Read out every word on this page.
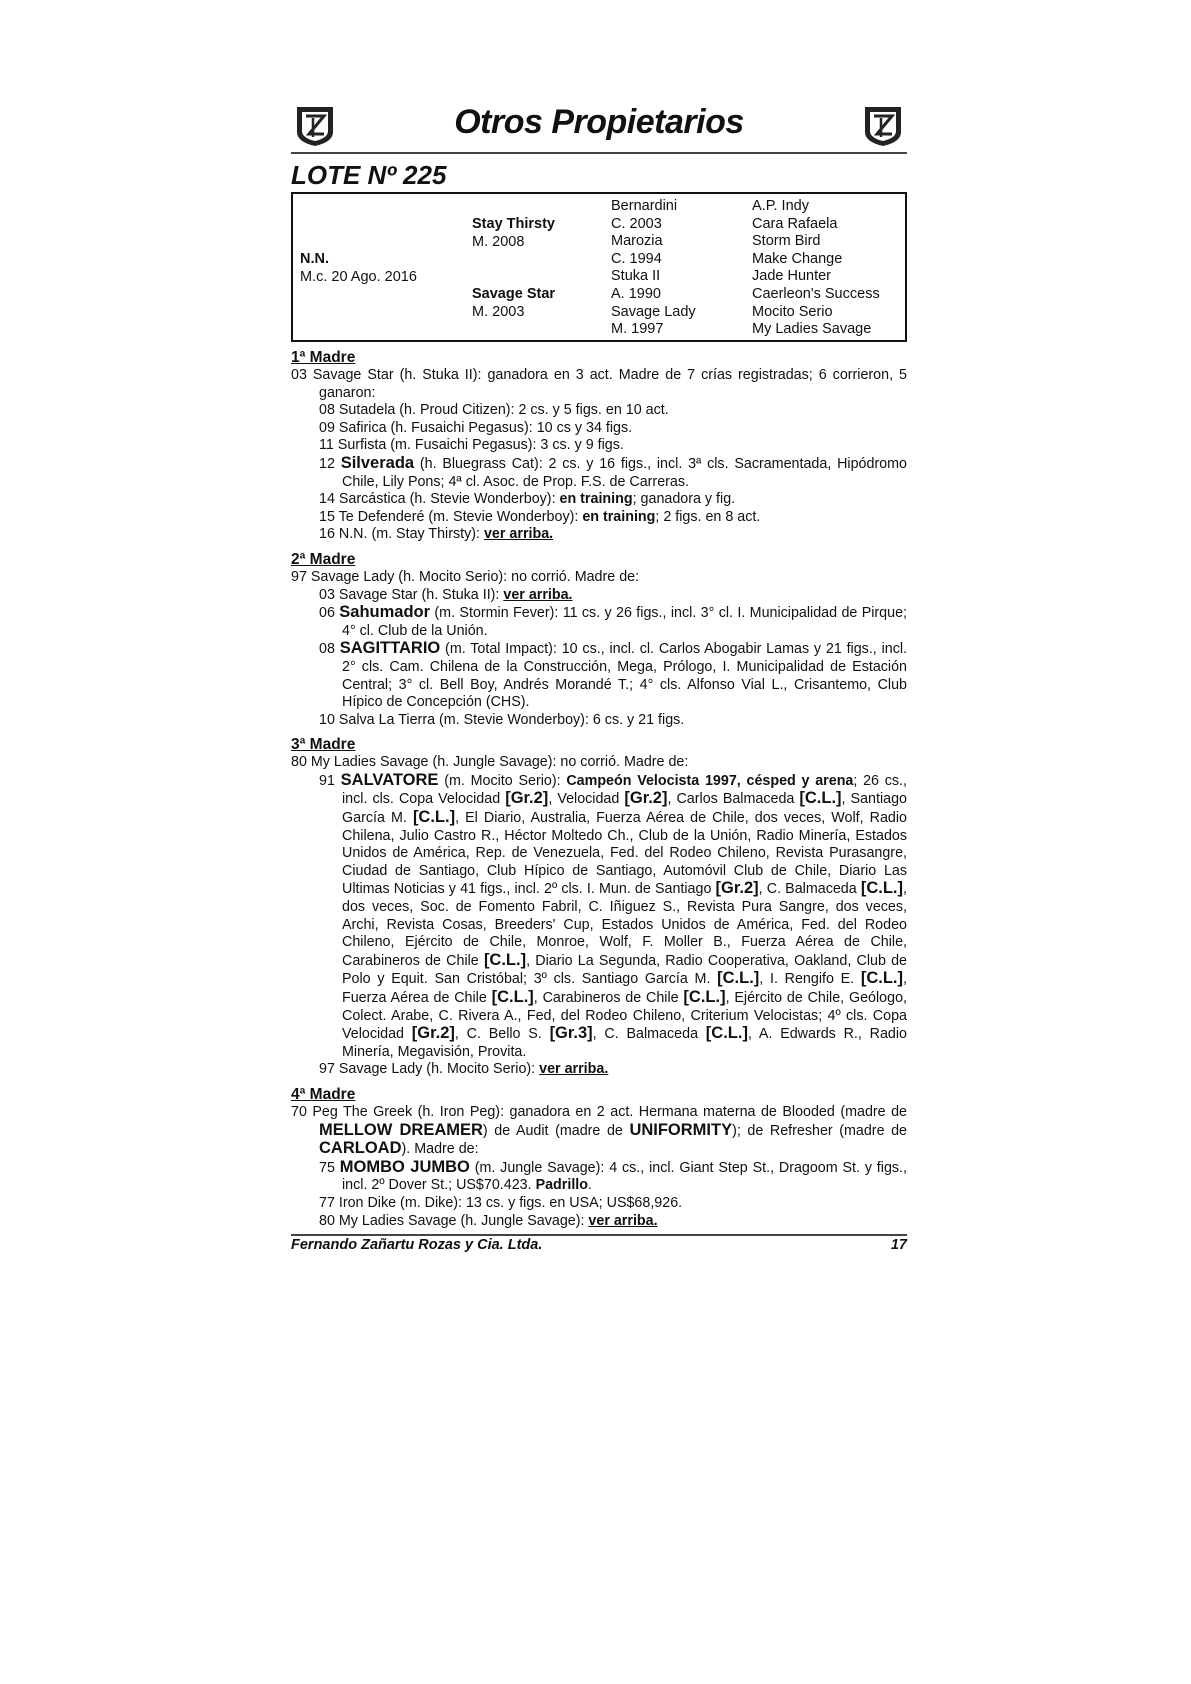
Otros Propietarios
LOTE Nº 225
N.N.
M.c. 20 Ago. 2016
Stay Thirsty
M. 2008
Savage Star
M. 2003
Bernardini
C. 2003
Marozia
C. 1994
Stuka II
A. 1990
Savage Lady
M. 1997
A.P. Indy
Cara Rafaela
Storm Bird
Make Change
Jade Hunter
Caerleon's Success
Mocito Serio
My Ladies Savage
1ª Madre
03 Savage Star (h. Stuka II): ganadora en 3 act. Madre de 7 crías registradas; 6 corrieron, 5 ganaron:
08 Sutadela (h. Proud Citizen): 2 cs. y 5 figs. en 10 act.
09 Safirica (h. Fusaichi Pegasus): 10 cs y 34 figs.
11 Surfista (m. Fusaichi Pegasus): 3 cs. y 9 figs.
12 Silverada (h. Bluegrass Cat): 2 cs. y 16 figs., incl. 3ª cls. Sacramentada, Hipódromo Chile, Lily Pons; 4ª cl. Asoc. de Prop. F.S. de Carreras.
14 Sarcástica (h. Stevie Wonderboy): en training; ganadora y fig.
15 Te Defenderé (m. Stevie Wonderboy): en training; 2 figs. en 8 act.
16 N.N. (m. Stay Thirsty): ver arriba.
2ª Madre
97 Savage Lady (h. Mocito Serio): no corrió. Madre de:
03 Savage Star (h. Stuka II): ver arriba.
06 Sahumador (m. Stormin Fever): 11 cs. y 26 figs., incl. 3° cl. I. Municipalidad de Pirque; 4° cl. Club de la Unión.
08 SAGITTARIO (m. Total Impact): 10 cs., incl. cl. Carlos Abogabir Lamas y 21 figs., incl. 2° cls. Cam. Chilena de la Construcción, Mega, Prólogo, I. Municipalidad de Estación Central; 3° cl. Bell Boy, Andrés Morandé T.; 4° cls. Alfonso Vial L., Crisantemo, Club Hípico de Concepción (CHS).
10 Salva La Tierra (m. Stevie Wonderboy): 6 cs. y 21 figs.
3ª Madre
80 My Ladies Savage (h. Jungle Savage): no corrió. Madre de:
91 SALVATORE (m. Mocito Serio): Campeón Velocista 1997, césped y arena; 26 cs., incl. cls. Copa Velocidad [Gr.2], Velocidad [Gr.2], Carlos Balmaceda [C.L.], Santiago García M. [C.L.], El Diario, Australia, Fuerza Aérea de Chile, dos veces, Wolf, Radio Chilena, Julio Castro R., Héctor Moltedo Ch., Club de la Unión, Radio Minería, Estados Unidos de América, Rep. de Venezuela, Fed. del Rodeo Chileno, Revista Purasangre, Ciudad de Santiago, Club Hípico de Santiago, Automóvil Club de Chile, Diario Las Ultimas Noticias y 41 figs., incl. 2º cls. I. Mun. de Santiago [Gr.2], C. Balmaceda [C.L.], dos veces, Soc. de Fomento Fabril, C. Iñiguez S., Revista Pura Sangre, dos veces, Archi, Revista Cosas, Breeders' Cup, Estados Unidos de América, Fed. del Rodeo Chileno, Ejército de Chile, Monroe, Wolf, F. Moller B., Fuerza Aérea de Chile, Carabineros de Chile [C.L.], Diario La Segunda, Radio Cooperativa, Oakland, Club de Polo y Equit. San Cristóbal; 3º cls. Santiago García M. [C.L.], I. Rengifo E. [C.L.], Fuerza Aérea de Chile [C.L.], Carabineros de Chile [C.L.], Ejército de Chile, Geólogo, Colect. Arabe, C. Rivera A., Fed, del Rodeo Chileno, Criterium Velocistas; 4º cls. Copa Velocidad [Gr.2], C. Bello S. [Gr.3], C. Balmaceda [C.L.], A. Edwards R., Radio Minería, Megavisión, Provita.
97 Savage Lady (h. Mocito Serio): ver arriba.
4ª Madre
70 Peg The Greek (h. Iron Peg): ganadora en 2 act. Hermana materna de Blooded (madre de MELLOW DREAMER) de Audit (madre de UNIFORMITY); de Refresher (madre de CARLOAD). Madre de:
75 MOMBO JUMBO (m. Jungle Savage): 4 cs., incl. Giant Step St., Dragoom St. y figs., incl. 2º Dover St.; US$70.423. Padrillo.
77 Iron Dike (m. Dike): 13 cs. y figs. en USA; US$68,926.
80 My Ladies Savage (h. Jungle Savage): ver arriba.
Fernando Zañartu Rozas y Cia. Ltda.	17
